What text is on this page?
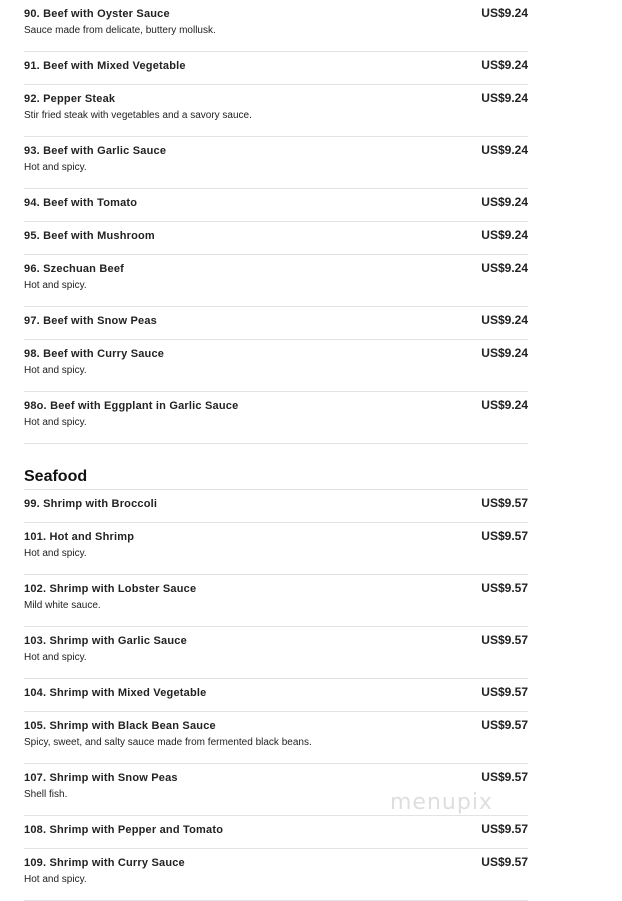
90. Beef with Oyster Sauce	US$9.24
Sauce made from delicate, buttery mollusk.
91. Beef with Mixed Vegetable	US$9.24
92. Pepper Steak	US$9.24
Stir fried steak with vegetables and a savory sauce.
93. Beef with Garlic Sauce	US$9.24
Hot and spicy.
94. Beef with Tomato	US$9.24
95. Beef with Mushroom	US$9.24
96. Szechuan Beef	US$9.24
Hot and spicy.
97. Beef with Snow Peas	US$9.24
98. Beef with Curry Sauce	US$9.24
Hot and spicy.
98o. Beef with Eggplant in Garlic Sauce	US$9.24
Hot and spicy.
Seafood
99. Shrimp with Broccoli	US$9.57
101. Hot and Shrimp	US$9.57
Hot and spicy.
102. Shrimp with Lobster Sauce	US$9.57
Mild white sauce.
103. Shrimp with Garlic Sauce	US$9.57
Hot and spicy.
104. Shrimp with Mixed Vegetable	US$9.57
105. Shrimp with Black Bean Sauce	US$9.57
Spicy, sweet, and salty sauce made from fermented black beans.
107. Shrimp with Snow Peas	US$9.57
Shell fish.
108. Shrimp with Pepper and Tomato	US$9.57
109. Shrimp with Curry Sauce	US$9.57
Hot and spicy.
menupix
